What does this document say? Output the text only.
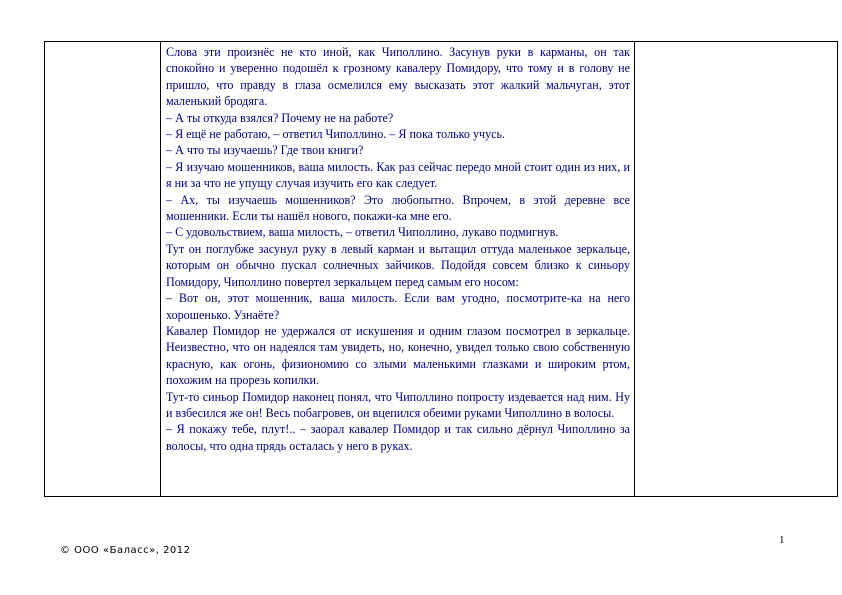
Слова эти произнёс не кто иной, как Чиполлино. Засунув руки в карманы, он так спокойно и уверенно подошёл к грозному кавалеру Помидору, что тому и в голову не пришло, что правду в глаза осмелился ему высказать этот жалкий мальчуган, этот маленький бродяга.

– А ты откуда взялся? Почему не на работе?

– Я ещё не работаю, – ответил Чиполлино. – Я пока только учусь.

– А что ты изучаешь? Где твои книги?

– Я изучаю мошенников, ваша милость. Как раз сейчас передо мной стоит один из них, и я ни за что не упущу случая изучить его как следует.

– Ах, ты изучаешь мошенников? Это любопытно. Впрочем, в этой деревне все мошенники. Если ты нашёл нового, покажи-ка мне его.

– С удовольствием, ваша милость, – ответил Чиполлино, лукаво подмигнув.

Тут он поглубже засунул руку в левый карман и вытащил оттуда маленькое зеркальце, которым он обычно пускал солнечных зайчиков. Подойдя совсем близко к синьору Помидору, Чиполлино повертел зеркальцем перед самым его носом:

– Вот он, этот мошенник, ваша милость. Если вам угодно, посмотрите-ка на него хорошенько. Узнаёте?

Кавалер Помидор не удержался от искушения и одним глазом посмотрел в зеркальце. Неизвестно, что он надеялся там увидеть, но, конечно, увидел только свою собственную красную, как огонь, физиономию со злыми маленькими глазками и широким ртом, похожим на прорезь копилки.

Тут-то синьор Помидор наконец понял, что Чиполлино попросту издевается над ним. Ну и взбесился же он! Весь побагровев, он вцепился обеими руками Чиполлино в волосы.

– Я покажу тебе, плут!.. – заорал кавалер Помидор и так сильно дёрнул Чиполлино за волосы, что одна прядь осталась у него в руках.

1
© ООО «Баласс», 2012
